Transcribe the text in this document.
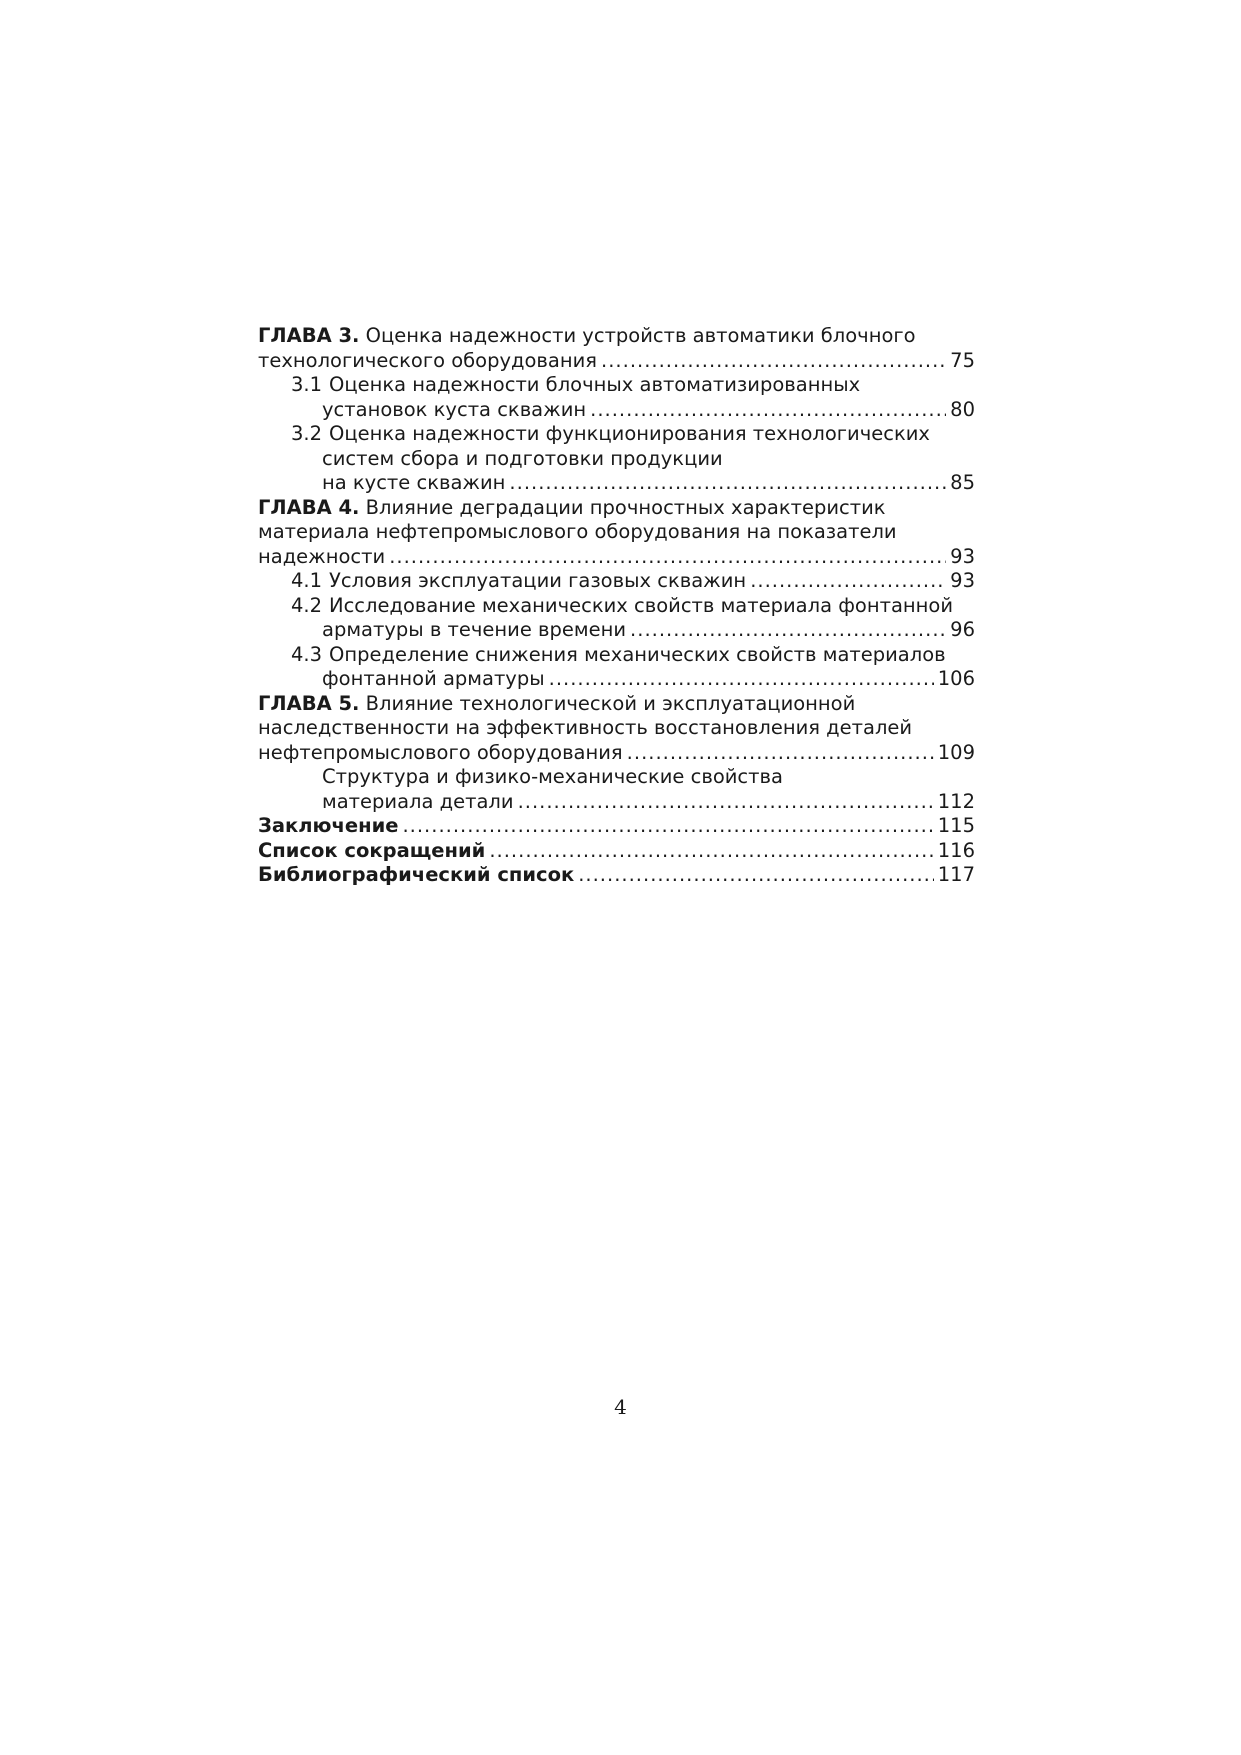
ГЛАВА 3. Оценка надежности устройств автоматики блочного
технологического оборудования . . .	75
3.1 Оценка надежности блочных автоматизированных
установок куста скважин . . .	80
3.2 Оценка надежности функционирования технологических
систем сбора и подготовки продукции
на кусте скважин . . .	85
ГЛАВА 4. Влияние деградации прочностных характеристик
материала нефтепромыслового оборудования на показатели
надежности . . .	93
4.1 Условия эксплуатации газовых скважин . . .	93
4.2 Исследование механических свойств материала фонтанной
арматуры в течение времени . . .	96
4.3 Определение снижения механических свойств материалов
фонтанной арматуры . . .	106
ГЛАВА 5. Влияние технологической и эксплуатационной
наследственности на эффективность восстановления деталей
нефтепромыслового оборудования . . .	109
Структура и физико-механические свойства
материала детали . . .	112
Заключение . . .	115
Список сокращений . . .	116
Библиографический список . . .	117
4
